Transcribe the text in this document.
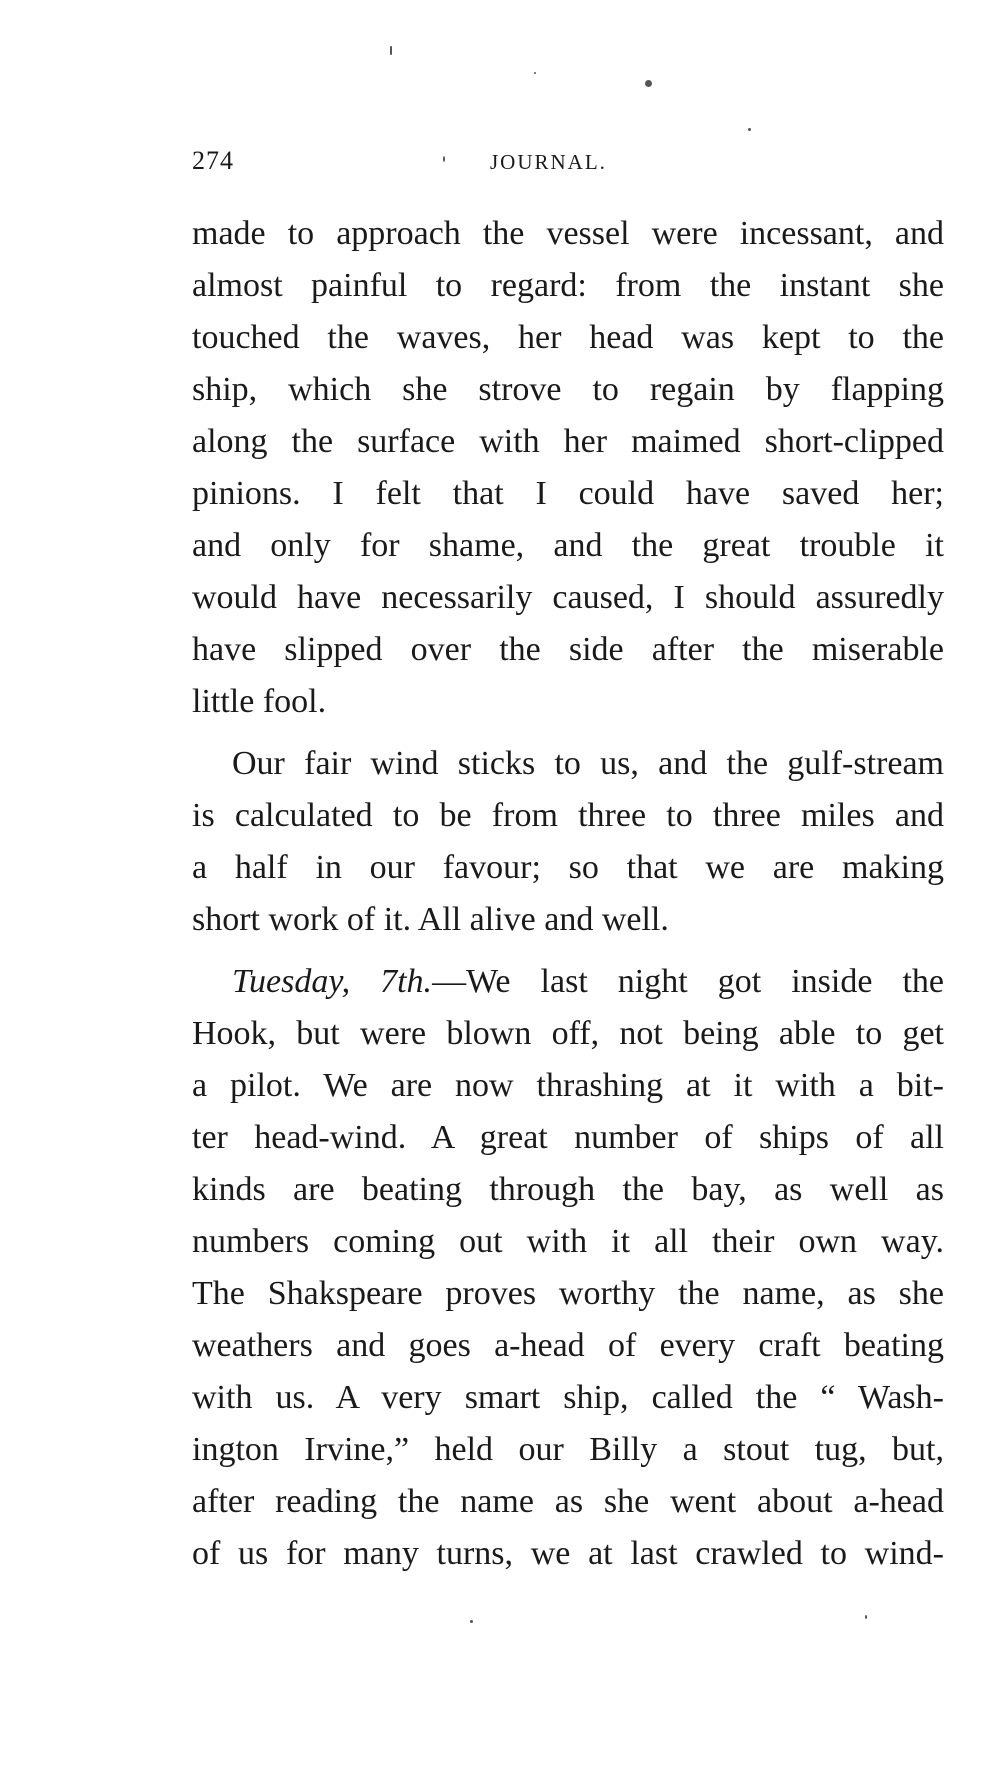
274	JOURNAL.
made to approach the vessel were incessant, and
almost painful to regard: from the instant she
touched the waves, her head was kept to the
ship, which she strove to regain by flapping
along the surface with her maimed short-clipped
pinions. I felt that I could have saved her;
and only for shame, and the great trouble it
would have necessarily caused, I should assuredly
have slipped over the side after the miserable
little fool.
Our fair wind sticks to us, and the gulf-stream
is calculated to be from three to three miles and
a half in our favour; so that we are making
short work of it. All alive and well.
Tuesday, 7th.—We last night got inside the
Hook, but were blown off, not being able to get
a pilot. We are now thrashing at it with a bit-
ter head-wind. A great number of ships of all
kinds are beating through the bay, as well as
numbers coming out with it all their own way.
The Shakspeare proves worthy the name, as she
weathers and goes a-head of every craft beating
with us. A very smart ship, called the “ Wash-
ington Irvine,” held our Billy a stout tug, but,
after reading the name as she went about a-head
of us for many turns, we at last crawled to wind-
